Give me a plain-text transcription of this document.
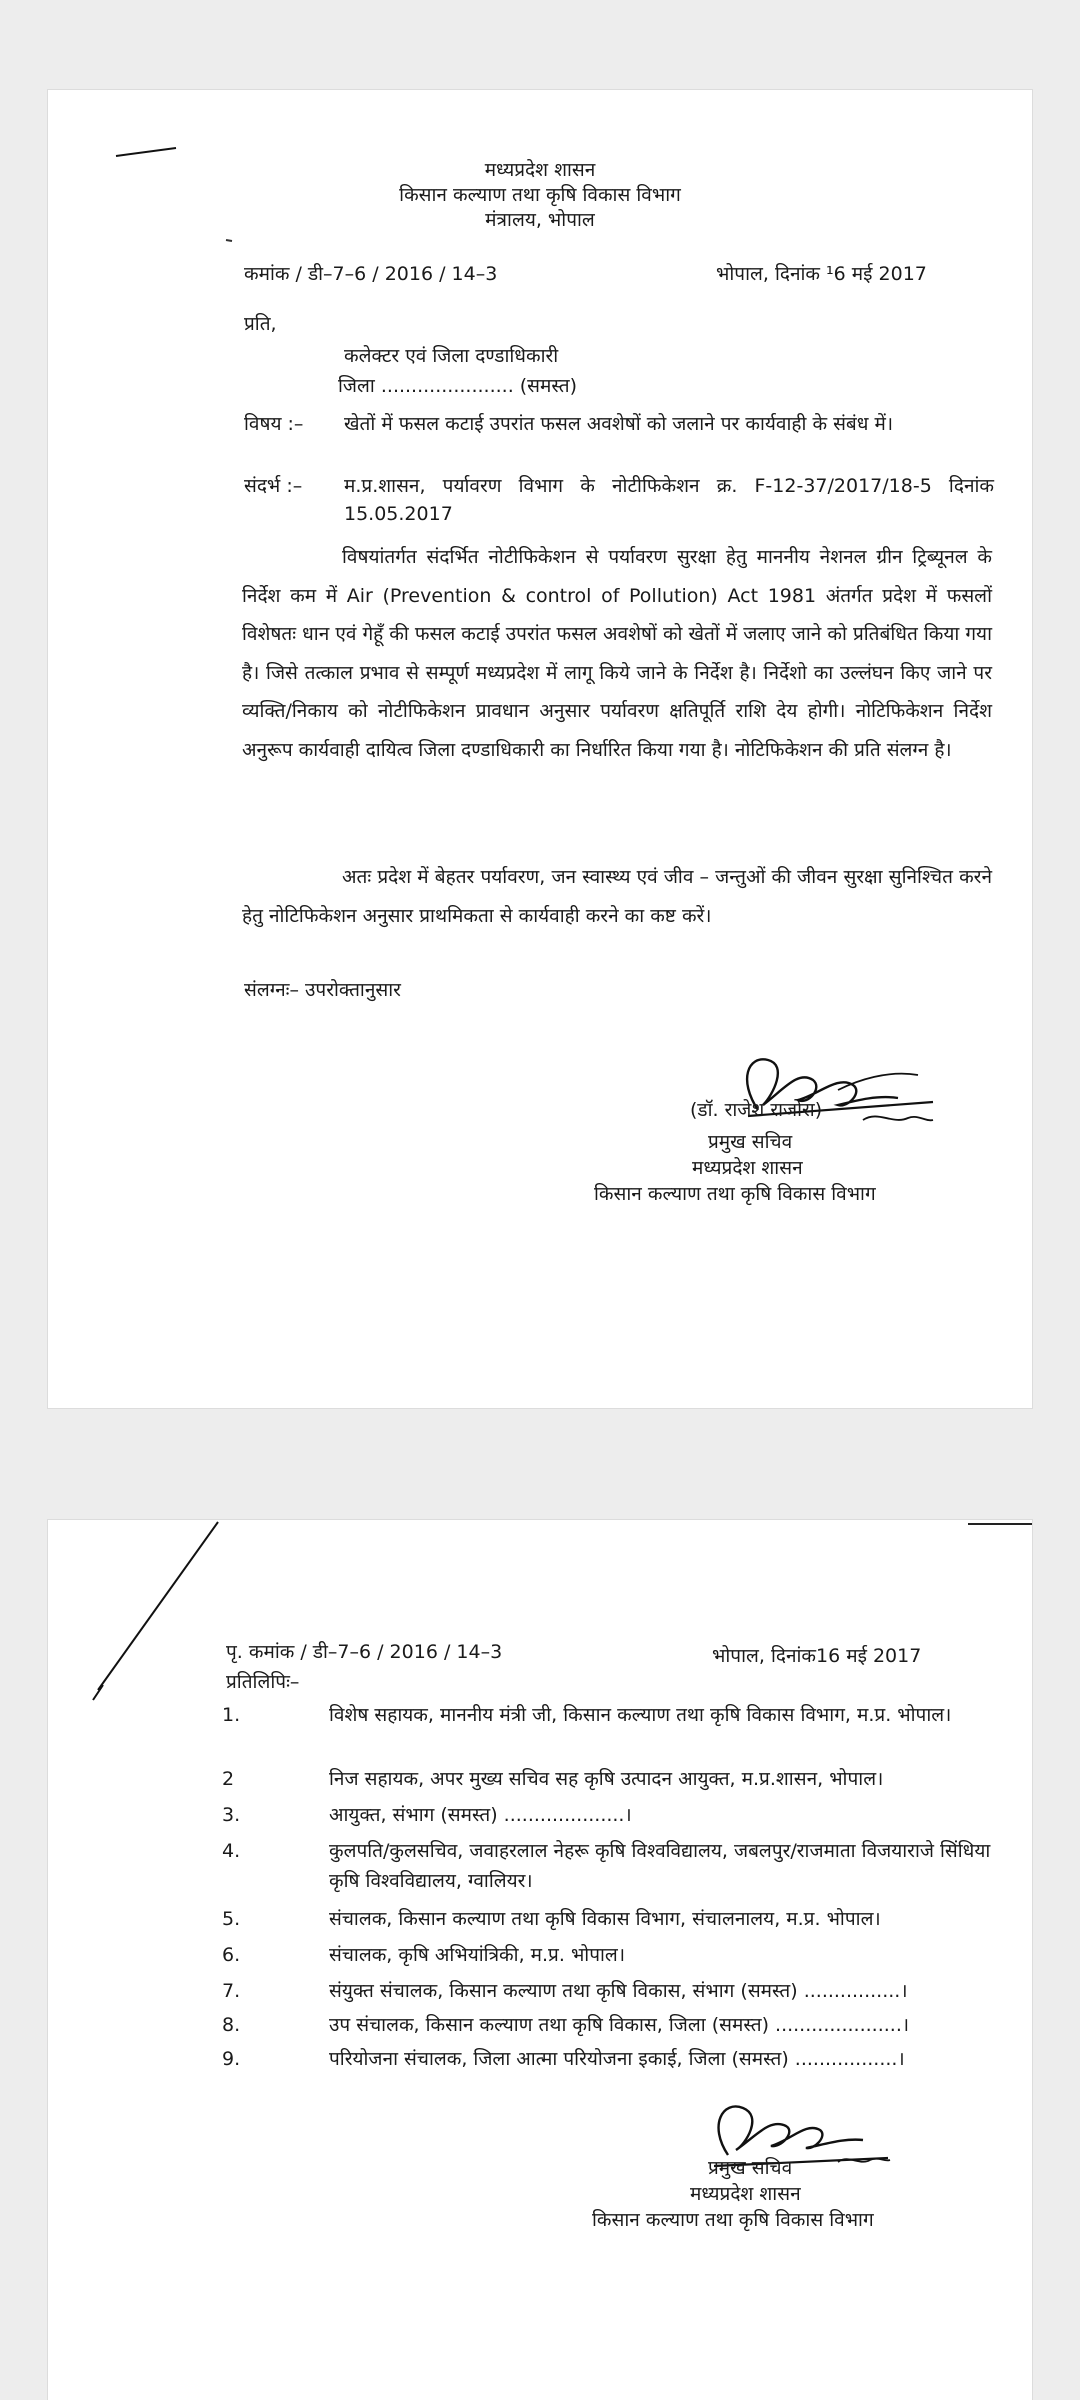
मध्यप्रदेश शासन
किसान कल्याण तथा कृषि विकास विभाग
मंत्रालय, भोपाल
कमांक / डी–7–6 / 2016 / 14–3	भोपाल, दिनांक ¹6 मई 2017
प्रति,
कलेक्टर एवं जिला दण्डाधिकारी
जिला ...................... (समस्त)
विषय :– खेतों में फसल कटाई उपरांत फसल अवशेषों को जलाने पर कार्यवाही के संबंध में।
संदर्भ :– म.प्र.शासन, पर्यावरण विभाग के नोटीफिकेशन क्र. F-12-37/2017/18-5 दिनांक 15.05.2017
विषयांतर्गत संदर्भित नोटीफिकेशन से पर्यावरण सुरक्षा हेतु माननीय नेशनल ग्रीन ट्रिब्यूनल के निर्देश कम में Air (Prevention & control of Pollution) Act 1981 अंतर्गत प्रदेश में फसलों विशेषतः धान एवं गेहूँ की फसल कटाई उपरांत फसल अवशेषों को खेतों में जलाए जाने को प्रतिबंधित किया गया है। जिसे तत्काल प्रभाव से सम्पूर्ण मध्यप्रदेश में लागू किये जाने के निर्देश है। निर्देशो का उल्लंघन किए जाने पर व्यक्ति/निकाय को नोटीफिकेशन प्रावधान अनुसार पर्यावरण क्षतिपूर्ति राशि देय होगी। नोटिफिकेशन निर्देश अनुरूप कार्यवाही दायित्व जिला दण्डाधिकारी का निर्धारित किया गया है। नोटिफिकेशन की प्रति संलग्न है।
अतः प्रदेश में बेहतर पर्यावरण, जन स्वास्थ्य एवं जीव – जन्तुओं की जीवन सुरक्षा सुनिश्चित करने हेतु नोटिफिकेशन अनुसार प्राथमिकता से कार्यवाही करने का कष्ट करें।
संलग्नः– उपरोक्तानुसार
(डॉ. राजेश राजोरा)
प्रमुख सचिव
मध्यप्रदेश शासन
किसान कल्याण तथा कृषि विकास विभाग
पृ. कमांक / डी–7–6 / 2016 / 14–3	भोपाल, दिनांक16 मई 2017
प्रतिलिपिः–
1.	विशेष सहायक, माननीय मंत्री जी, किसान कल्याण तथा कृषि विकास विभाग, म.प्र. भोपाल।
2	निज सहायक, अपर मुख्य सचिव सह कृषि उत्पादन आयुक्त, म.प्र.शासन, भोपाल।
3.	आयुक्त, संभाग (समस्त) ....................।
4.	कुलपति/कुलसचिव, जवाहरलाल नेहरू कृषि विश्वविद्यालय, जबलपुर/राजमाता विजयाराजे सिंधिया कृषि विश्वविद्यालय, ग्वालियर।
5.	संचालक, किसान कल्याण तथा कृषि विकास विभाग, संचालनालय, म.प्र. भोपाल।
6.	संचालक, कृषि अभियांत्रिकी, म.प्र. भोपाल।
7.	संयुक्त संचालक, किसान कल्याण तथा कृषि विकास, संभाग (समस्त) ................।
8.	उप संचालक, किसान कल्याण तथा कृषि विकास, जिला (समस्त) .....................।
9.	परियोजना संचालक, जिला आत्मा परियोजना इकाई, जिला (समस्त) .................।
प्रमुख सचिव
मध्यप्रदेश शासन
किसान कल्याण तथा कृषि विकास विभाग
